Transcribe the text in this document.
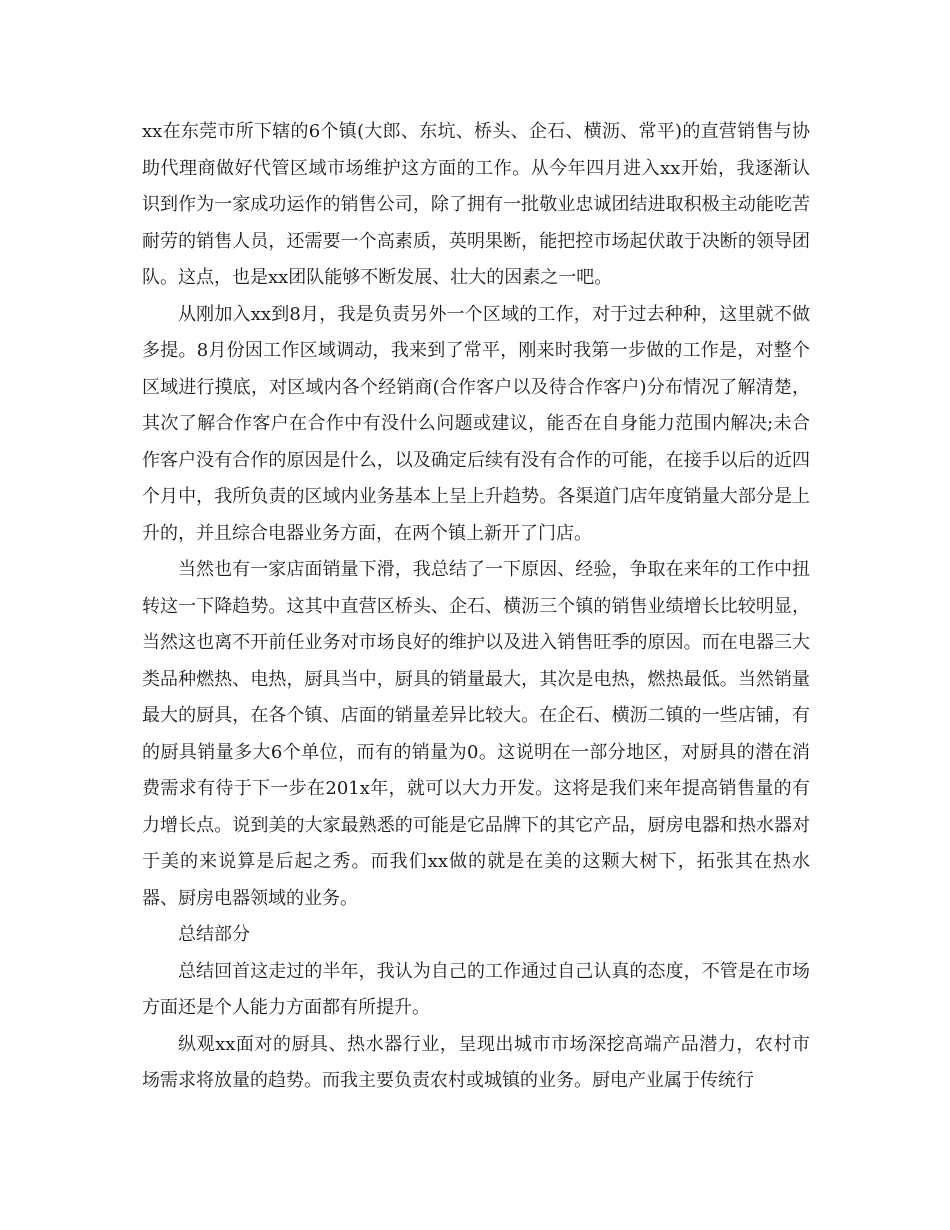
xx在东莞市所下辖的6个镇(大郎、东坑、桥头、企石、横沥、常平)的直营销售与协助代理商做好代管区域市场维护这方面的工作。从今年四月进入xx开始，我逐渐认识到作为一家成功运作的销售公司，除了拥有一批敬业忠诚团结进取积极主动能吃苦耐劳的销售人员，还需要一个高素质，英明果断，能把控市场起伏敢于决断的领导团队。这点，也是xx团队能够不断发展、壮大的因素之一吧。

从刚加入xx到8月，我是负责另外一个区域的工作，对于过去种种，这里就不做多提。8月份因工作区域调动，我来到了常平，刚来时我第一步做的工作是，对整个区域进行摸底，对区域内各个经销商(合作客户以及待合作客户)分布情况了解清楚，其次了解合作客户在合作中有没什么问题或建议，能否在自身能力范围内解决;未合作客户没有合作的原因是什么，以及确定后续有没有合作的可能，在接手以后的近四个月中，我所负责的区域内业务基本上呈上升趋势。各渠道门店年度销量大部分是上升的，并且综合电器业务方面，在两个镇上新开了门店。

当然也有一家店面销量下滑，我总结了一下原因、经验，争取在来年的工作中扭转这一下降趋势。这其中直营区桥头、企石、横沥三个镇的销售业绩增长比较明显，当然这也离不开前任业务对市场良好的维护以及进入销售旺季的原因。而在电器三大类品种燃热、电热，厨具当中，厨具的销量最大，其次是电热，燃热最低。当然销量最大的厨具，在各个镇、店面的销量差异比较大。在企石、横沥二镇的一些店铺，有的厨具销量多大6个单位，而有的销量为0。这说明在一部分地区，对厨具的潜在消费需求有待于下一步在201x年，就可以大力开发。这将是我们来年提高销售量的有力增长点。说到美的大家最熟悉的可能是它品牌下的其它产品，厨房电器和热水器对于美的来说算是后起之秀。而我们xx做的就是在美的这颗大树下，拓张其在热水器、厨房电器领域的业务。

总结部分

总结回首这走过的半年，我认为自己的工作通过自己认真的态度，不管是在市场方面还是个人能力方面都有所提升。

纵观xx面对的厨具、热水器行业，呈现出城市市场深挖高端产品潜力，农村市场需求将放量的趋势。而我主要负责农村或城镇的业务。厨电产业属于传统行
